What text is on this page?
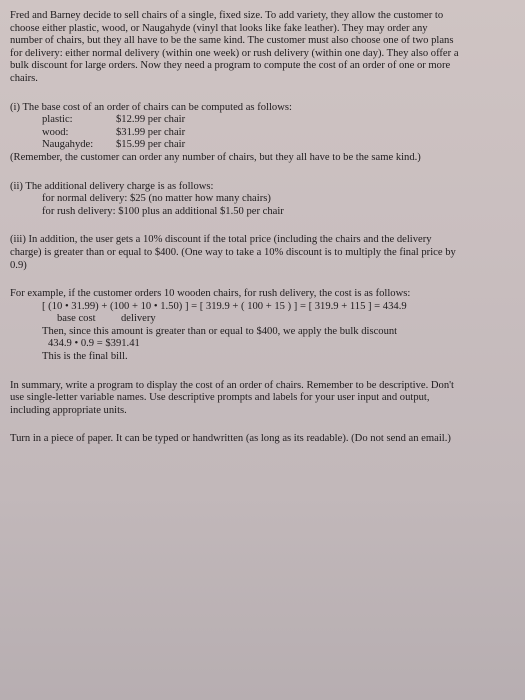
Fred and Barney decide to sell chairs of a single, fixed size. To add variety, they allow the customer to
choose either plastic, wood, or Naugahyde (vinyl that looks like fake leather). They may order any
number of chairs, but they all have to be the same kind. The customer must also choose one of two plans
for delivery: either normal delivery (within one week) or rush delivery (within one day). They also offer a
bulk discount for large orders. Now they need a program to compute the cost of an order of one or more
chairs.
(i) The base cost of an order of chairs can be computed as follows:
plastic:	$12.99 per chair
wood:	$31.99 per chair
Naugahyde:	$15.99 per chair
(Remember, the customer can order any number of chairs, but they all have to be the same kind.)
(ii) The additional delivery charge is as follows:
for normal delivery: $25 (no matter how many chairs)
for rush delivery: $100 plus an additional $1.50 per chair
(iii) In addition, the user gets a 10% discount if the total price (including the chairs and the delivery
charge) is greater than or equal to $400. (One way to take a 10% discount is to multiply the final price by
0.9)
For example, if the customer orders 10 wooden chairs, for rush delivery, the cost is as follows:
[ (10 • 31.99) + (100 + 10 • 1.50) ] = [ 319.9 + ( 100 + 15 ) ] = [ 319.9 + 115 ] = 434.9
base cost	delivery
Then, since this amount is greater than or equal to $400, we apply the bulk discount
434.9 • 0.9 = $391.41
This is the final bill.
In summary, write a program to display the cost of an order of chairs. Remember to be descriptive. Don't
use single-letter variable names. Use descriptive prompts and labels for your user input and output,
including appropriate units.
Turn in a piece of paper. It can be typed or handwritten (as long as its readable). (Do not send an email.)
